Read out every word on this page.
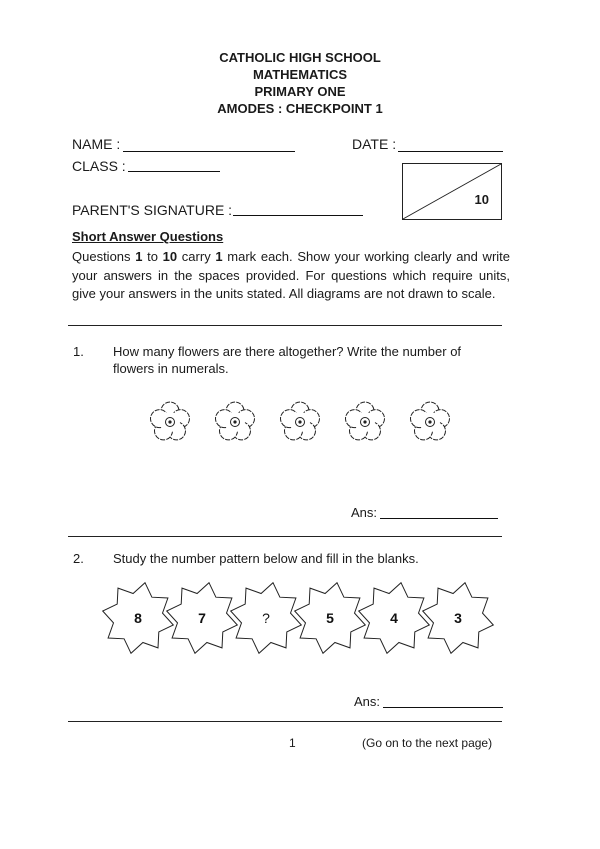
CATHOLIC HIGH SCHOOL
MATHEMATICS
PRIMARY ONE
AMODES : CHECKPOINT 1
NAME :	DATE :
CLASS :
PARENT'S SIGNATURE :
10
Short Answer Questions
Questions 1 to 10 carry 1 mark each. Show your working clearly and write your answers in the spaces provided. For questions which require units, give your answers in the units stated. All diagrams are not drawn to scale.
1. How many flowers are there altogether? Write the number of flowers in numerals.
Ans:
2. Study the number pattern below and fill in the blanks.
8	7	?	5	4	3
Ans:
1	(Go on to the next page)
